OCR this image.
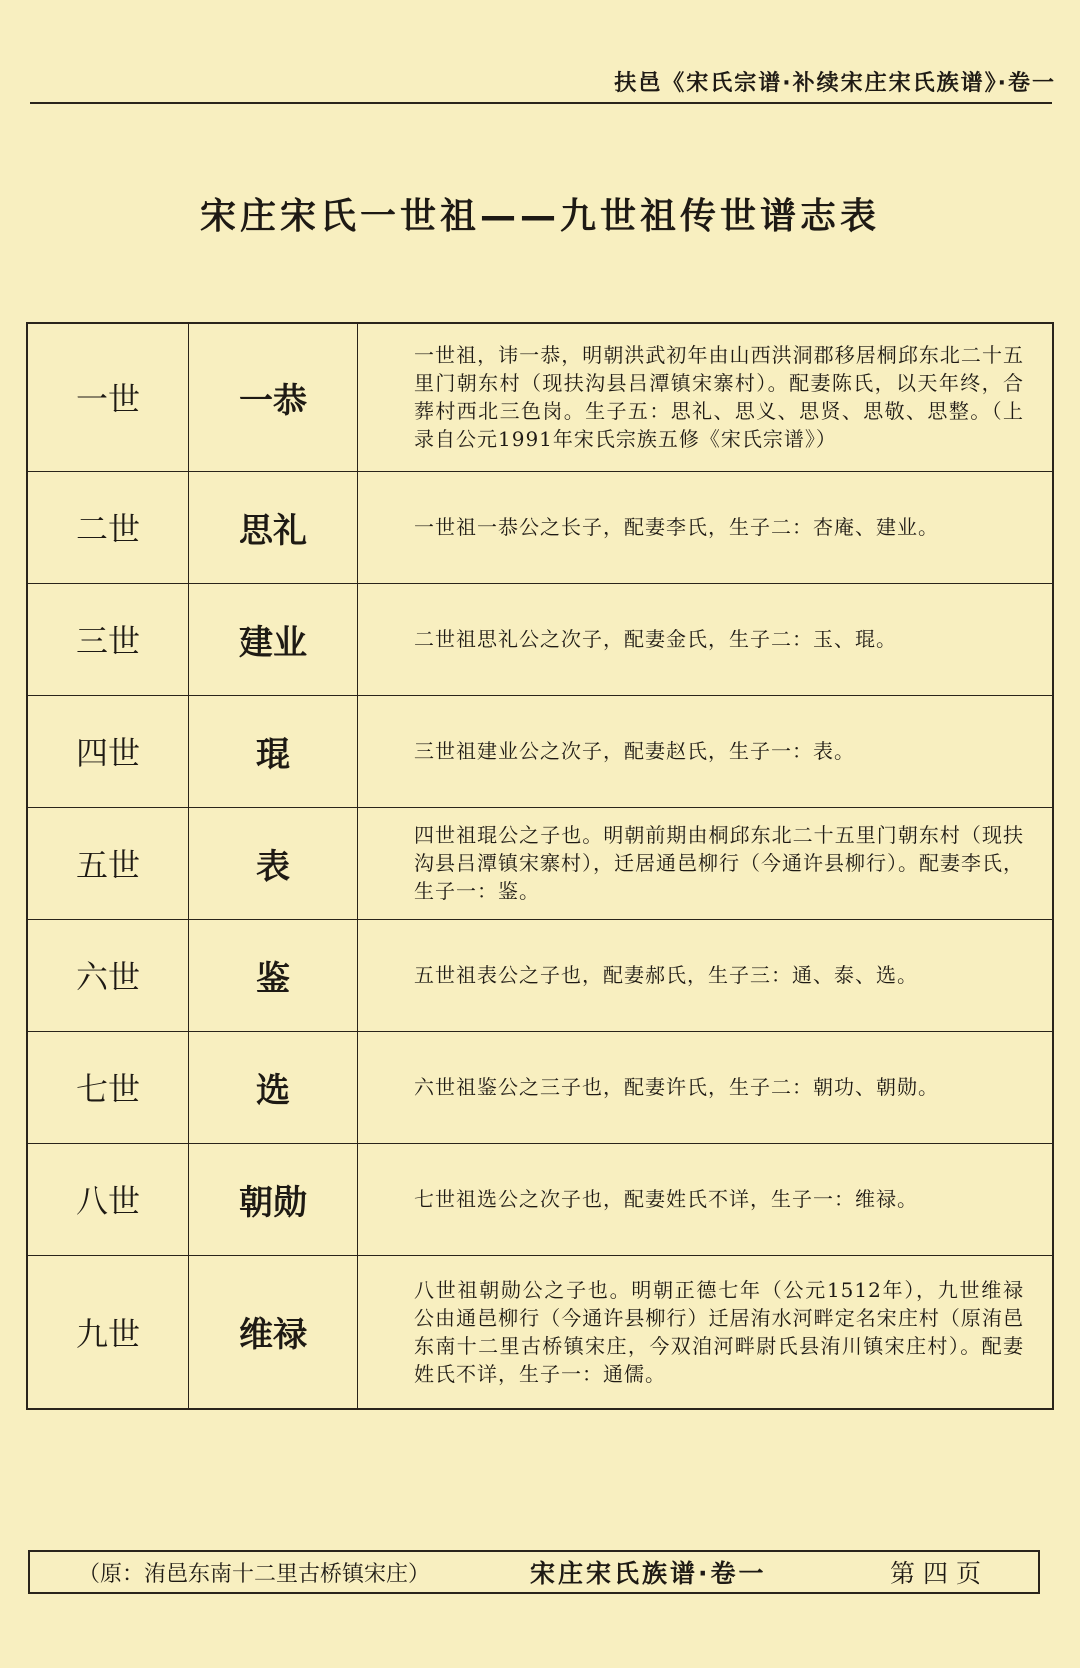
扶邑《宋氏宗谱·补续宋庄宋氏族谱》·卷一
宋庄宋氏一世祖——九世祖传世谱志表
一世	一恭	一世祖，讳一恭，明朝洪武初年由山西洪洞郡移居桐邱东北二十五里门朝东村（现扶沟县吕潭镇宋寨村）。配妻陈氏，以天年终，合葬村西北三色岗。生子五：思礼、思义、思贤、思敬、思整。（上录自公元1991年宋氏宗族五修《宋氏宗谱》）
二世	思礼	一世祖一恭公之长子，配妻李氏，生子二：杏庵、建业。
三世	建业	二世祖思礼公之次子，配妻金氏，生子二：玉、琨。
四世	琨	三世祖建业公之次子，配妻赵氏，生子一：表。
五世	表	四世祖琨公之子也。明朝前期由桐邱东北二十五里门朝东村（现扶沟县吕潭镇宋寨村），迁居通邑柳行（今通许县柳行）。配妻李氏，生子一：鉴。
六世	鉴	五世祖表公之子也，配妻郝氏，生子三：通、泰、选。
七世	选	六世祖鉴公之三子也，配妻许氏，生子二：朝功、朝勋。
八世	朝勋	七世祖选公之次子也，配妻姓氏不详，生子一：维禄。
九世	维禄	八世祖朝勋公之子也。明朝正德七年（公元1512年），九世维禄公由通邑柳行（今通许县柳行）迁居洧水河畔定名宋庄村（原洧邑东南十二里古桥镇宋庄，今双洎河畔尉氏县洧川镇宋庄村）。配妻姓氏不详，生子一：通儒。
（原：洧邑东南十二里古桥镇宋庄）	宋庄宋氏族谱·卷一	第四页
